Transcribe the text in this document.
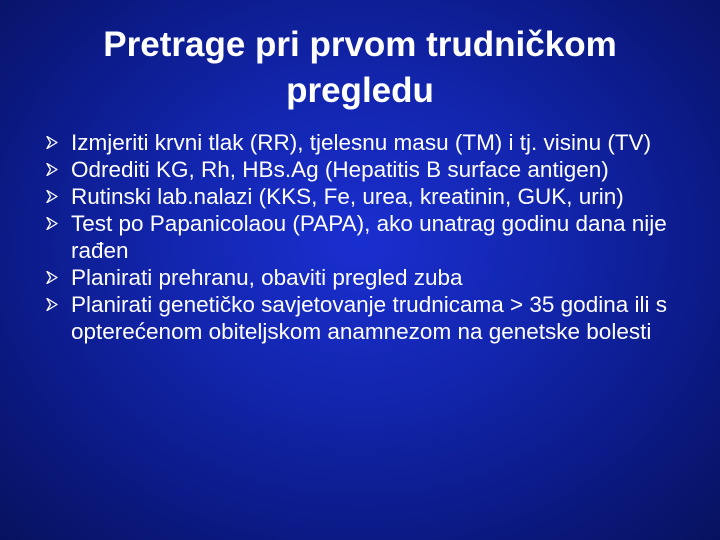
Pretrage pri prvom trudničkom
pregledu
Izmjeriti krvni tlak (RR), tjelesnu masu (TM) i tj. visinu (TV)
Odrediti KG, Rh, HBs.Ag (Hepatitis B surface antigen)
Rutinski lab.nalazi (KKS, Fe, urea, kreatinin, GUK, urin)
Test po Papanicolaou (PAPA), ako unatrag godinu dana nije rađen
Planirati prehranu, obaviti pregled zuba
Planirati genetičko savjetovanje trudnicama > 35 godina ili s opterećenom obiteljskom anamnezom na genetske bolesti
